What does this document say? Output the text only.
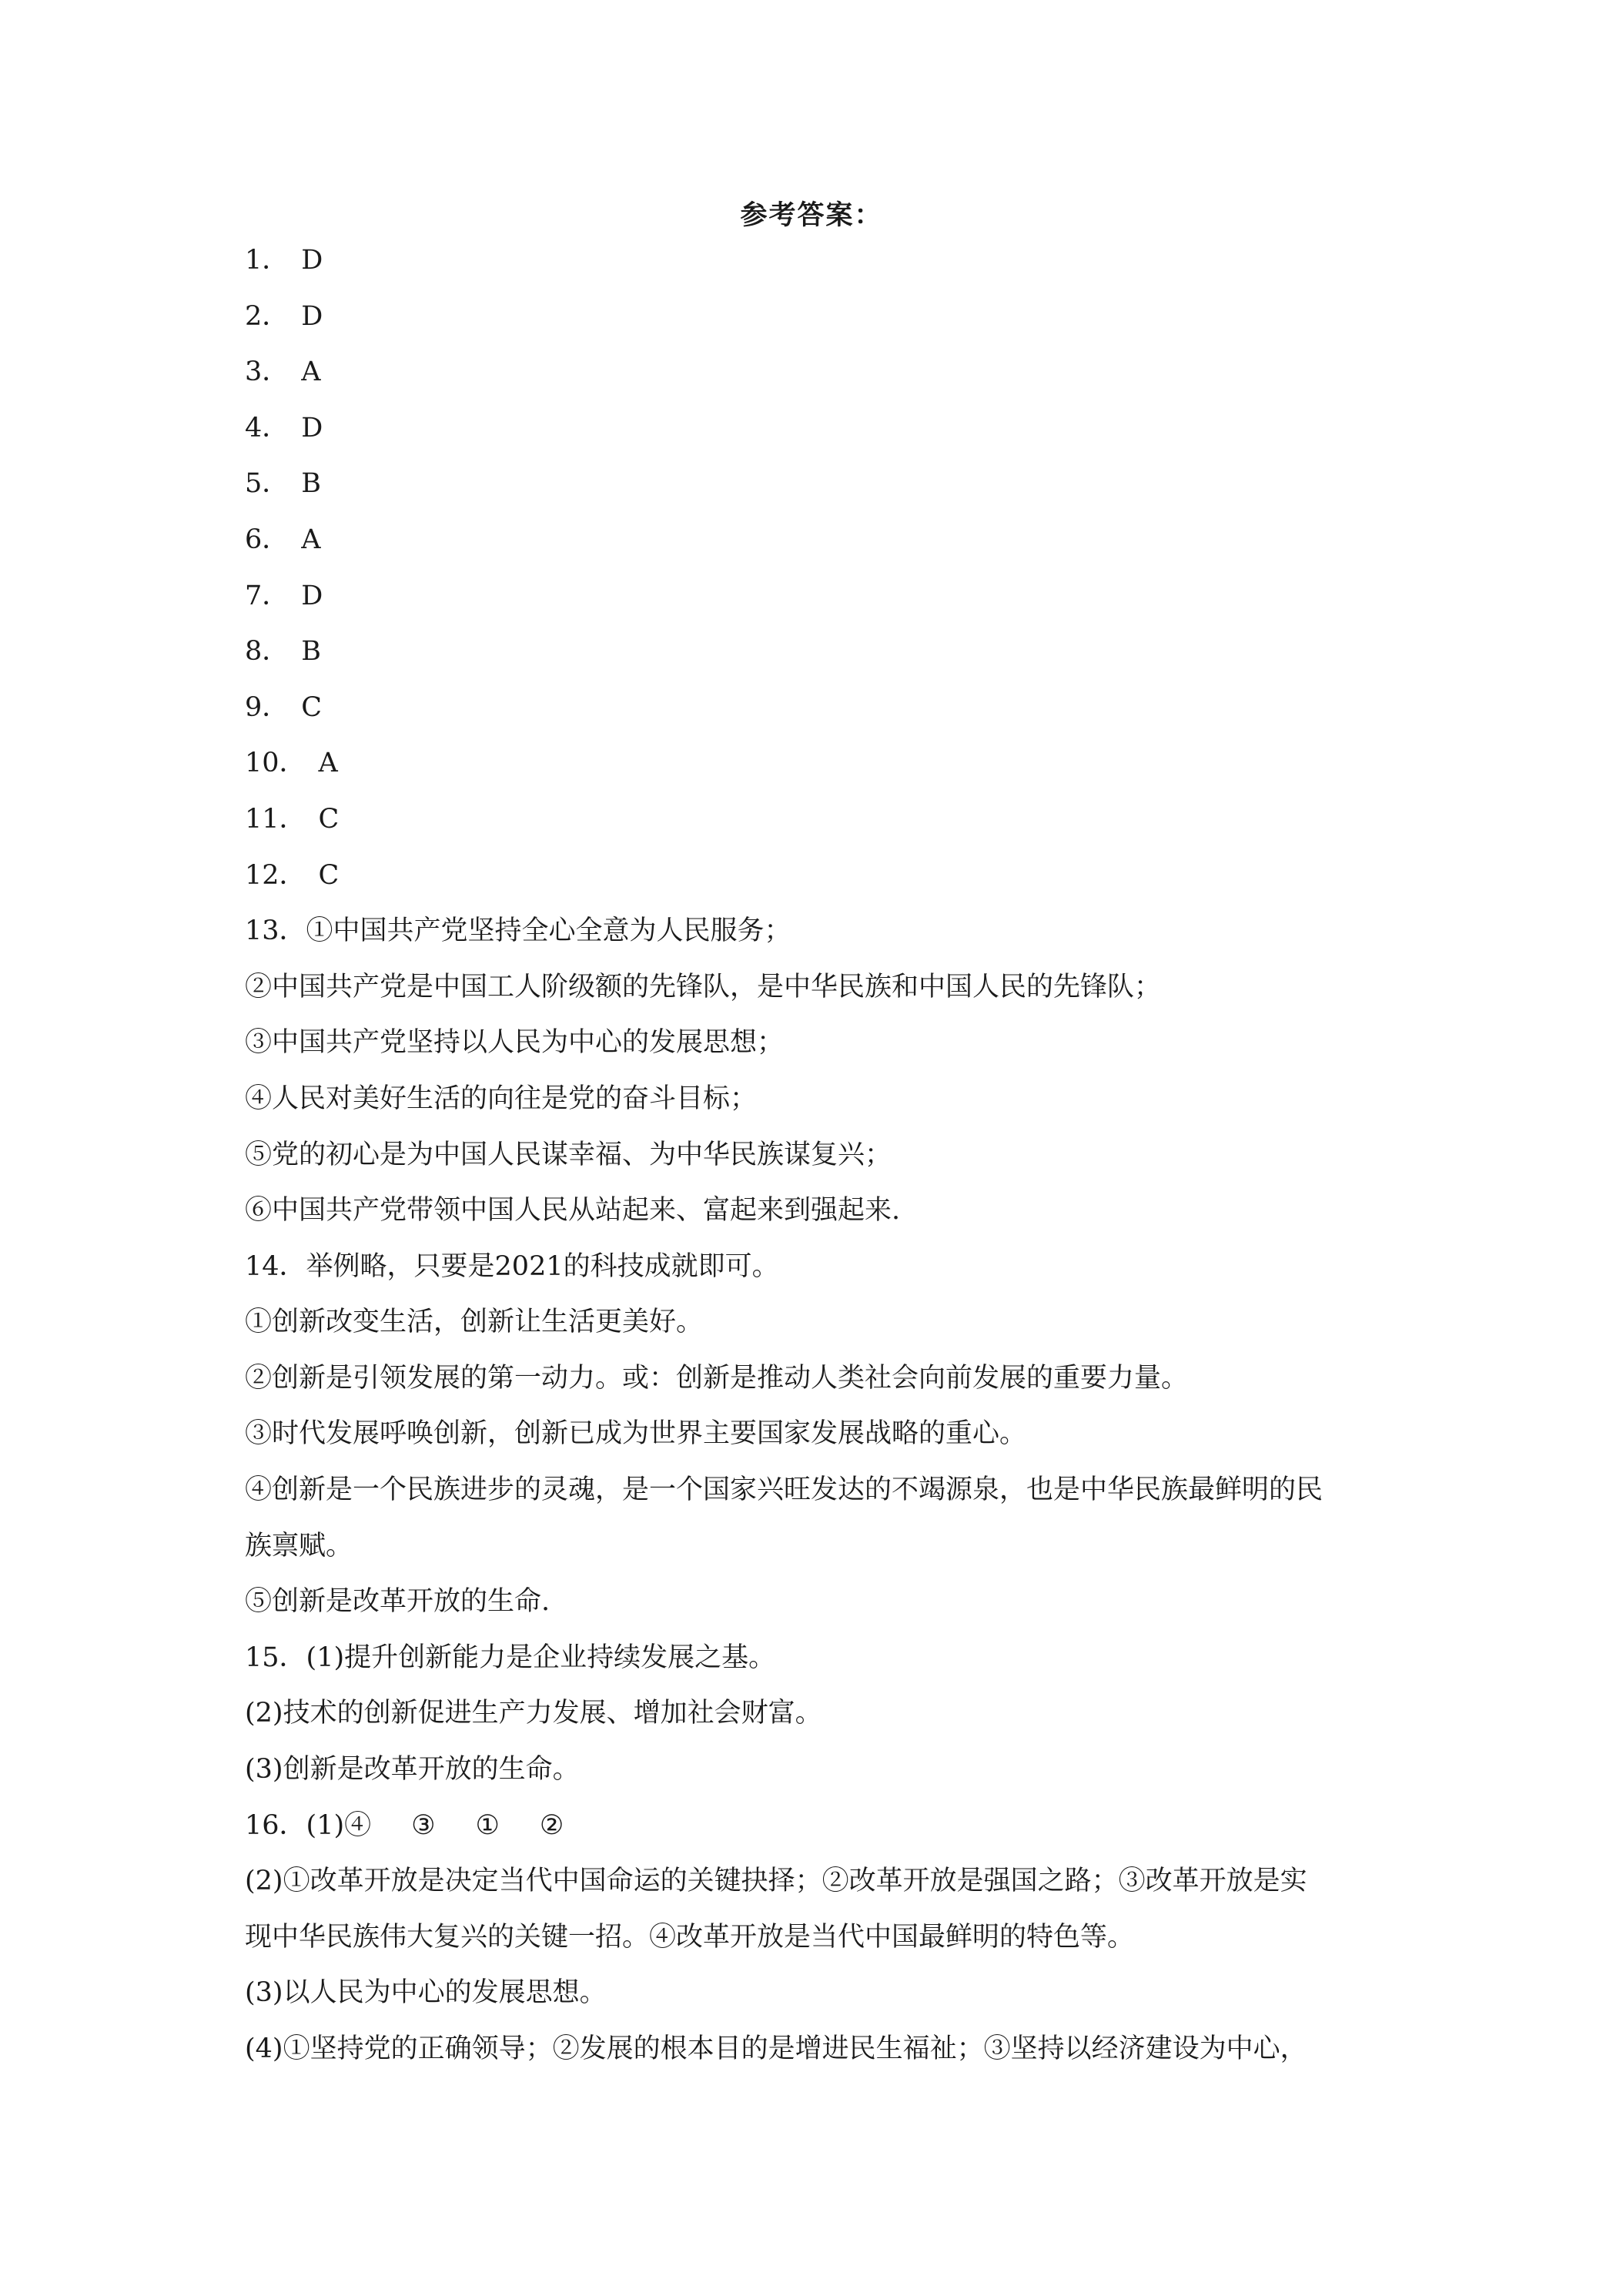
参考答案：
1． D
2． D
3． A
4． D
5． B
6． A
7． D
8． B
9． C
10． A
11． C
12． C
13．①中国共产党坚持全心全意为人民服务；
②中国共产党是中国工人阶级额的先锋队，是中华民族和中国人民的先锋队；
③中国共产党坚持以人民为中心的发展思想；
④人民对美好生活的向往是党的奋斗目标；
⑤党的初心是为中国人民谋幸福、为中华民族谋复兴；
⑥中国共产党带领中国人民从站起来、富起来到强起来.
14．举例略，只要是2021的科技成就即可。
①创新改变生活，创新让生活更美好。
②创新是引领发展的第一动力。或：创新是推动人类社会向前发展的重要力量。
③时代发展呼唤创新，创新已成为世界主要国家发展战略的重心。
④创新是一个民族进步的灵魂，是一个国家兴旺发达的不竭源泉，也是中华民族最鲜明的民
族禀赋。
⑤创新是改革开放的生命.
15．(1)提升创新能力是企业持续发展之基。
(2)技术的创新促进生产力发展、增加社会财富。
(3)创新是改革开放的生命。
16．(1)④ ③ ① ②
(2)①改革开放是决定当代中国命运的关键抉择；②改革开放是强国之路；③改革开放是实
现中华民族伟大复兴的关键一招。④改革开放是当代中国最鲜明的特色等。
(3)以人民为中心的发展思想。
(4)①坚持党的正确领导；②发展的根本目的是增进民生福祉；③坚持以经济建设为中心，
